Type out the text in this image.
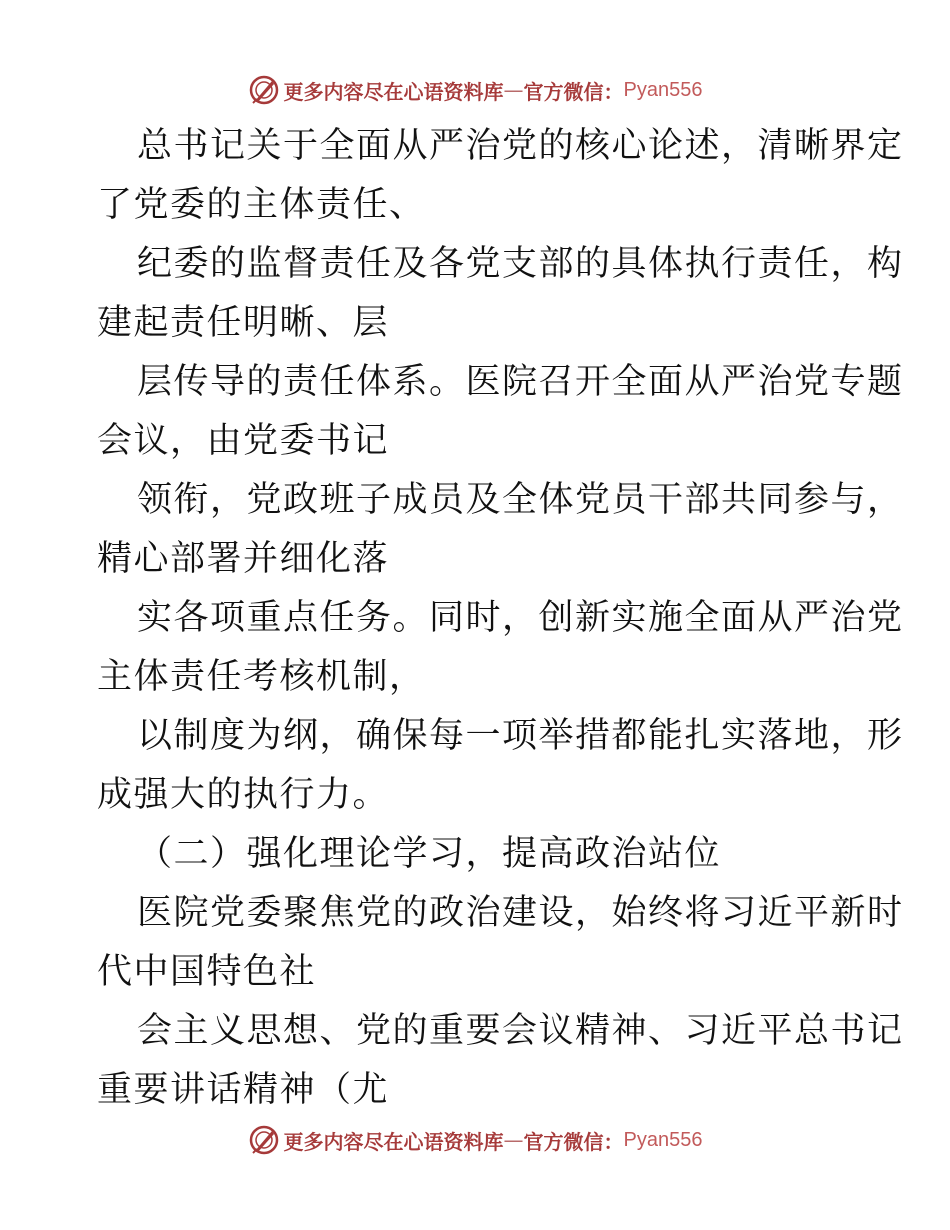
更多内容尽在心语资料库 — 官方微信： Pyan556
总书记关于全面从严治党的核心论述，清晰界定
了党委的主体责任、
纪委的监督责任及各党支部的具体执行责任，构
建起责任明晰、层
层传导的责任体系。医院召开全面从严治党专题
会议，由党委书记
领衔，党政班子成员及全体党员干部共同参与，
精心部署并细化落
实各项重点任务。同时，创新实施全面从严治党
主体责任考核机制，
以制度为纲，确保每一项举措都能扎实落地，形
成强大的执行力。
（二）强化理论学习，提高政治站位
医院党委聚焦党的政治建设，始终将习近平新时
代中国特色社
会主义思想、党的重要会议精神、习近平总书记
重要讲话精神（尤
更多内容尽在心语资料库 — 官方微信： Pyan556
